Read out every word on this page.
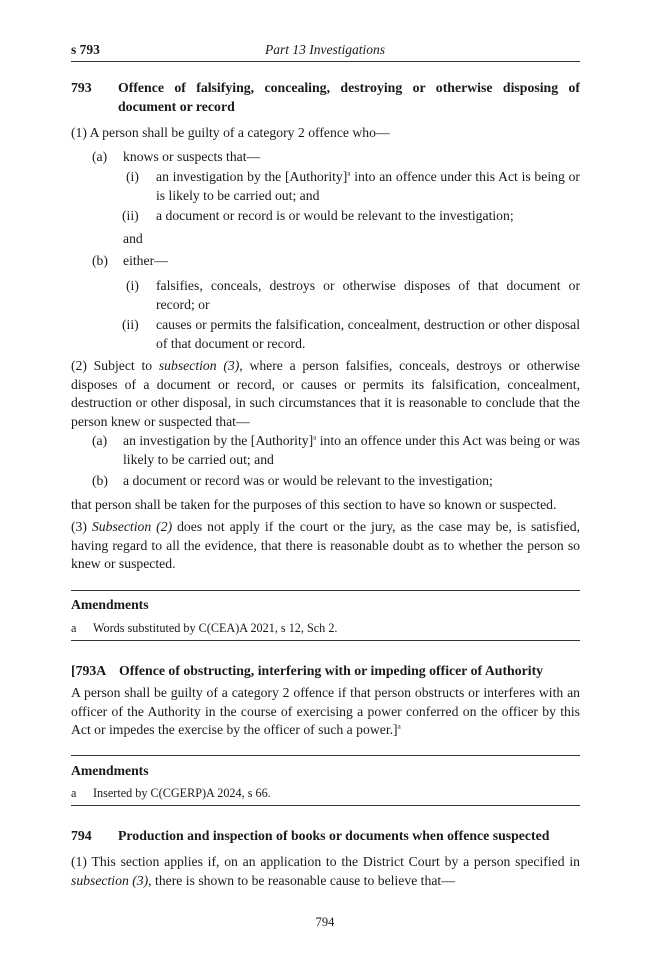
Part 13 Investigations
s 793
793 Offence of falsifying, concealing, destroying or otherwise disposing of document or record
(1) A person shall be guilty of a category 2 offence who—
(a) knows or suspects that—
(i) an investigation by the [Authority]$^a$ into an offence under this Act is being or is likely to be carried out; and
(ii) a document or record is or would be relevant to the investigation;
and
(b) either—
(i) falsifies, conceals, destroys or otherwise disposes of that document or record; or
(ii) causes or permits the falsification, concealment, destruction or other disposal of that document or record.
(2) Subject to subsection (3), where a person falsifies, conceals, destroys or otherwise disposes of a document or record, or causes or permits its falsification, concealment, destruction or other disposal, in such circumstances that it is reasonable to conclude that the person knew or suspected that—
(a) an investigation by the [Authority]$^a$ into an offence under this Act was being or was likely to be carried out; and
(b) a document or record was or would be relevant to the investigation;
that person shall be taken for the purposes of this section to have so known or suspected.
(3) Subsection (2) does not apply if the court or the jury, as the case may be, is satisfied, having regard to all the evidence, that there is reasonable doubt as to whether the person so knew or suspected.
Amendments
a Words substituted by C(CEA)A 2021, s 12, Sch 2.
[793A Offence of obstructing, interfering with or impeding officer of Authority
A person shall be guilty of a category 2 offence if that person obstructs or interferes with an officer of the Authority in the course of exercising a power conferred on the officer by this Act or impedes the exercise by the officer of such a power.]$^a$
Amendments
a Inserted by C(CGERP)A 2024, s 66.
794 Production and inspection of books or documents when offence suspected
(1) This section applies if, on an application to the District Court by a person specified in subsection (3), there is shown to be reasonable cause to believe that—
794
